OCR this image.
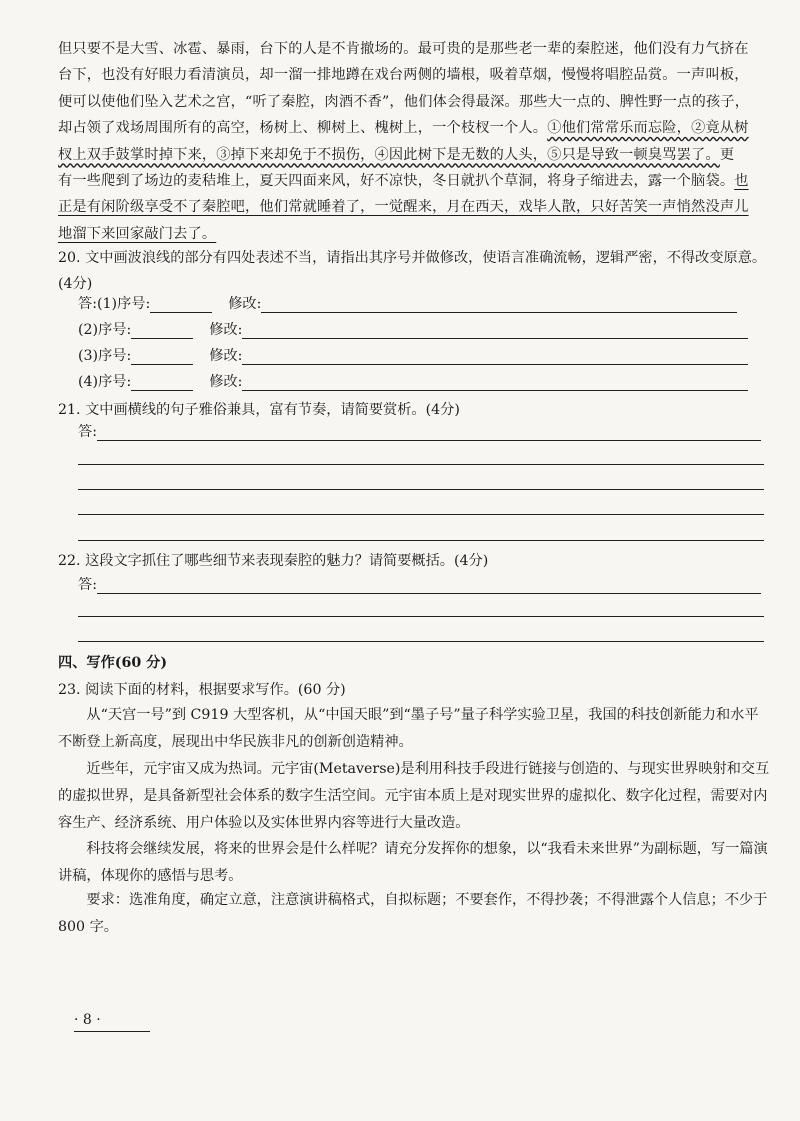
但只要不是大雪、冰雹、暴雨，台下的人是不肯撤场的。最可贵的是那些老一辈的秦腔迷，他们没有力气挤在
台下，也没有好眼力看清演员，却一溜一排地蹲在戏台两侧的墙根，吸着草烟，慢慢将唱腔品赏。一声叫板，
便可以使他们坠入艺术之宫，“听了秦腔，肉酒不香”，他们体会得最深。那些大一点的、脾性野一点的孩子，
却占领了戏场周围所有的高空，杨树上、柳树上、槐树上，一个枝杈一个人。①他们常常乐而忘险，②竟从树
杈上双手鼓掌时掉下来，③掉下来却免于不损伤，④因此树下是无数的人头，⑤只是导致一顿臭骂罢了。更
有一些爬到了场边的麦秸堆上，夏天四面来风，好不凉快，冬日就扒个草洞，将身子缩进去，露一个脑袋。也
正是有闲阶级享受不了秦腔吧，他们常就睡着了，一觉醒来，月在西天，戏毕人散，只好苦笑一声悄然没声儿
地溜下来回家敲门去了。
20. 文中画波浪线的部分有四处表述不当，请指出其序号并做修改，使语言准确流畅，逻辑严密，不得改变原意。(4分)
答:(1)序号:	修改:
(2)序号:	修改:
(3)序号:	修改:
(4)序号:	修改:
21. 文中画横线的句子雅俗兼具，富有节奏，请简要赏析。(4分)
答:
22. 这段文字抓住了哪些细节来表现秦腔的魅力？请简要概括。(4分)
答:
四、写作(60 分)
23. 阅读下面的材料，根据要求写作。(60 分)
从“天宫一号”到 C919 大型客机，从“中国天眼”到“墨子号”量子科学实验卫星，我国的科技创新能力和水平不断登上新高度，展现出中华民族非凡的创新创造精神。
近些年，元宇宙又成为热词。元宇宙(Metaverse)是利用科技手段进行链接与创造的、与现实世界映射和交互的虚拟世界，是具备新型社会体系的数字生活空间。元宇宙本质上是对现实世界的虚拟化、数字化过程，需要对内容生产、经济系统、用户体验以及实体世界内容等进行大量改造。
科技将会继续发展，将来的世界会是什么样呢？请充分发挥你的想象，以“我看未来世界”为副标题，写一篇演讲稿，体现你的感悟与思考。
要求：选准角度，确定立意，注意演讲稿格式，自拟标题；不要套作，不得抄袭；不得泄露个人信息；不少于 800 字。
· 8 ·
